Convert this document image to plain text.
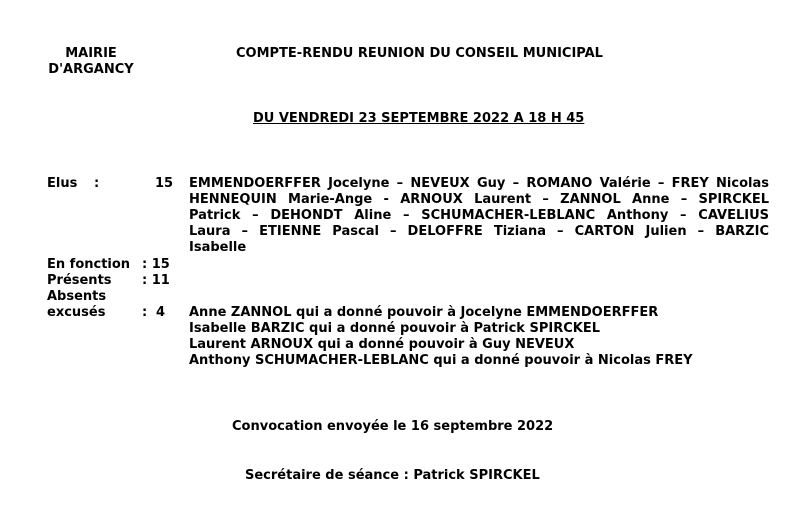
MAIRIE
D'ARGANCY
COMPTE-RENDU REUNION DU CONSEIL MUNICIPAL
DU VENDREDI 23 SEPTEMBRE 2022 A 18 H 45
Elus :	15
En fonction : 15
Présents : 11
Absents
excusés	: 4
EMMENDOERFFER Jocelyne – NEVEUX Guy – ROMANO Valérie – FREY Nicolas
HENNEQUIN Marie-Ange - ARNOUX Laurent – ZANNOL Anne – SPIRCKEL
Patrick – DEHONDT Aline – SCHUMACHER-LEBLANC Anthony – CAVELIUS
Laura – ETIENNE Pascal – DELOFFRE Tiziana – CARTON Julien – BARZIC
Isabelle
Anne ZANNOL qui a donné pouvoir à Jocelyne EMMENDOERFFER
Isabelle BARZIC qui a donné pouvoir à Patrick SPIRCKEL
Laurent ARNOUX qui a donné pouvoir à Guy NEVEUX
Anthony SCHUMACHER-LEBLANC qui a donné pouvoir à Nicolas FREY
Convocation envoyée le 16 septembre 2022
Secrétaire de séance : Patrick SPIRCKEL
